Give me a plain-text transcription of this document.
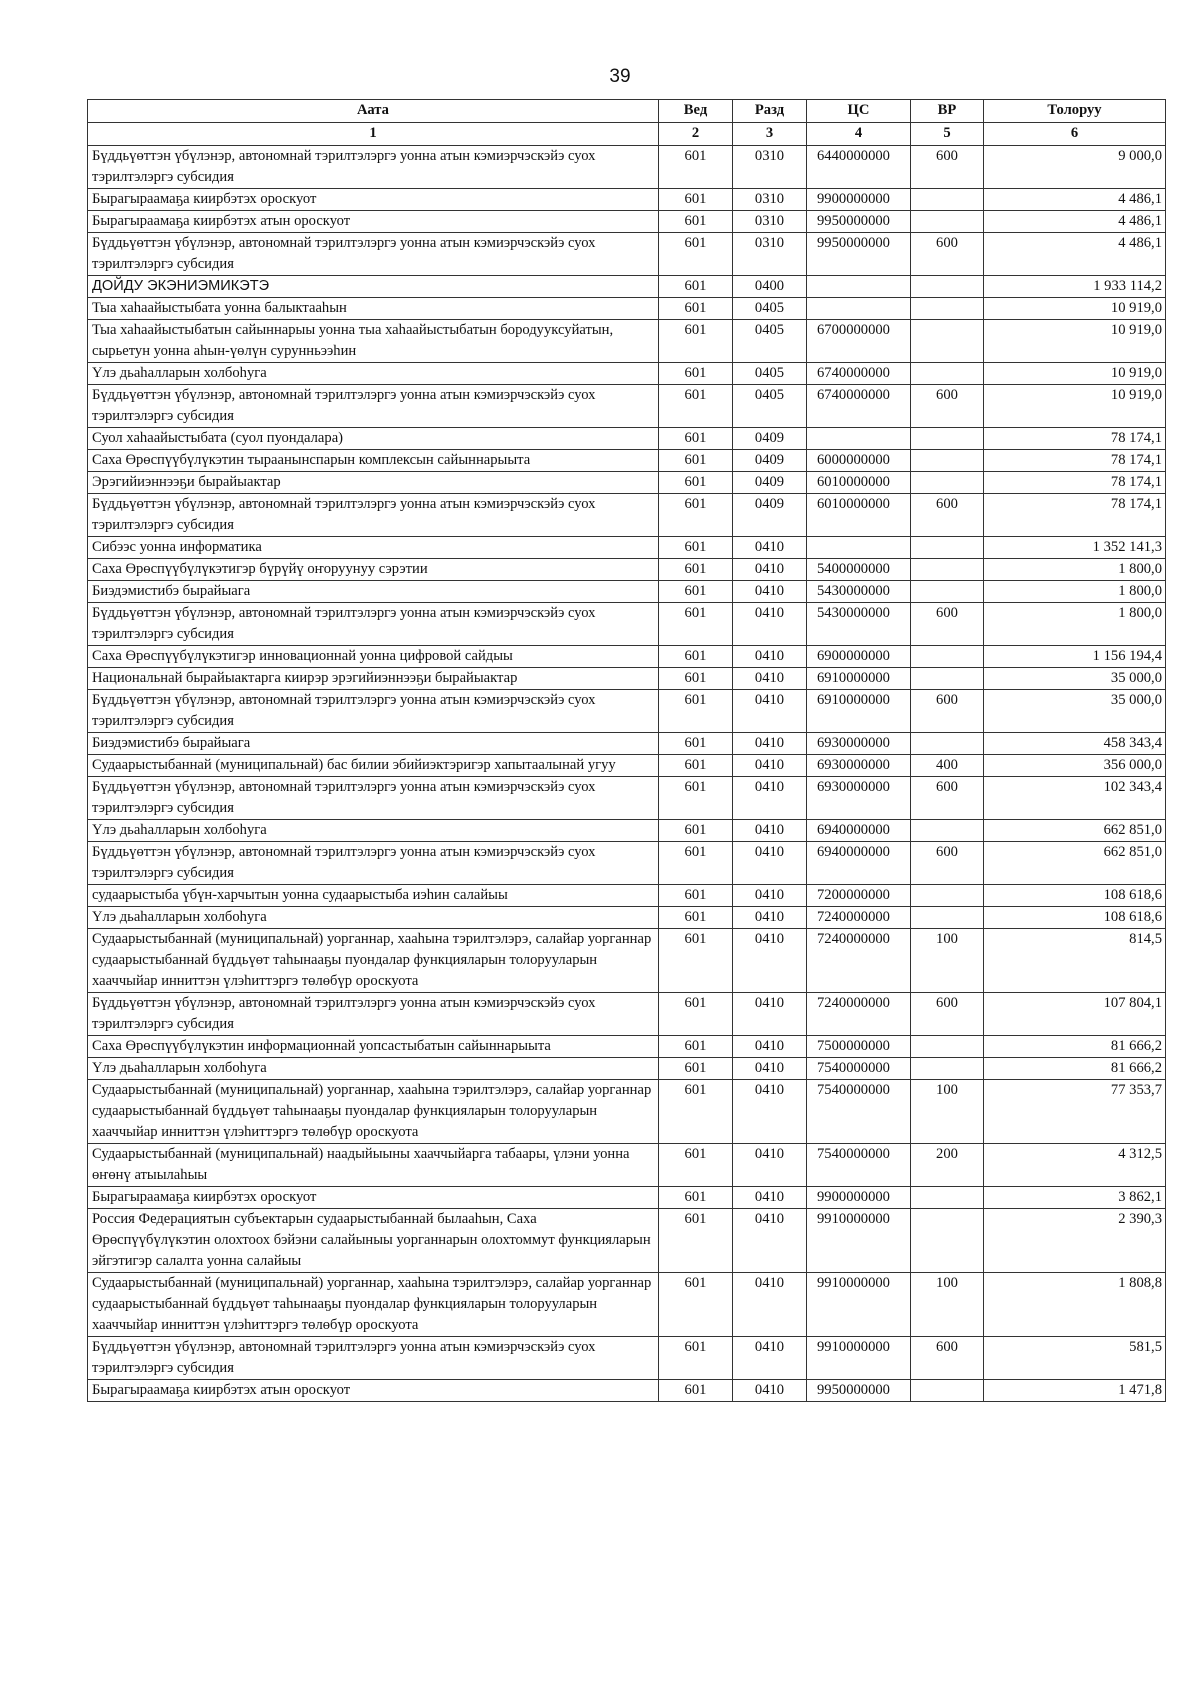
39
Аата	Вед	Разд	ЦС	ВР	Толоруу
1	2	3	4	5	6
Бүддьүөттэн үбүлэнэр, автономнай тэрилтэлэргэ уонна атын кэмиэрчэскэйэ суох тэрилтэлэргэ субсидия	601	0310	6440000000	600	9 000,0
Бырагыраамаҕа киирбэтэх ороскуот	601	0310	9900000000		4 486,1
Бырагыраамаҕа киирбэтэх атын ороскуот	601	0310	9950000000		4 486,1
Бүддьүөттэн үбүлэнэр, автономнай тэрилтэлэргэ уонна атын кэмиэрчэскэйэ суох тэрилтэлэргэ субсидия	601	0310	9950000000	600	4 486,1
ДОЙДУ ЭКЭНИЭМИКЭТЭ	601	0400			1 933 114,2
Тыа хаһаайыстыбата уонна балыктааһын	601	0405			10 919,0
Тыа хаһаайыстыбатын сайыннарыы уонна тыа хаһаайыстыбатын бородууксуйатын, сырьетун уонна аһын-үөлүн сурунньээһин	601	0405	6700000000		10 919,0
Үлэ дьаһалларын холбоһуга	601	0405	6740000000		10 919,0
Бүддьүөттэн үбүлэнэр, автономнай тэрилтэлэргэ уонна атын кэмиэрчэскэйэ суох тэрилтэлэргэ субсидия	601	0405	6740000000	600	10 919,0
Суол хаһаайыстыбата (суол пуондалара)	601	0409			78 174,1
Саха Өрөспүүбүлүкэтин тыраанынспарын комплексын сайыннарыыта	601	0409	6000000000		78 174,1
Эрэгийиэннээҕи бырайыактар	601	0409	6010000000		78 174,1
Бүддьүөттэн үбүлэнэр, автономнай тэрилтэлэргэ уонна атын кэмиэрчэскэйэ суох тэрилтэлэргэ субсидия	601	0409	6010000000	600	78 174,1
Сибээс уонна информатика	601	0410			1 352 141,3
Саха Өрөспүүбүлүкэтигэр бүрүйү оҥоруунуу сэрэтии	601	0410	5400000000		1 800,0
Биэдэмистибэ бырайыага	601	0410	5430000000		1 800,0
Бүддьүөттэн үбүлэнэр, автономнай тэрилтэлэргэ уонна атын кэмиэрчэскэйэ суох тэрилтэлэргэ субсидия	601	0410	5430000000	600	1 800,0
Саха Өрөспүүбүлүкэтигэр инновационнай уонна цифровой сайдыы	601	0410	6900000000		1 156 194,4
Национальнай бырайыактарга киирэр эрэгийиэннээҕи бырайыактар	601	0410	6910000000		35 000,0
Бүддьүөттэн үбүлэнэр, автономнай тэрилтэлэргэ уонна атын кэмиэрчэскэйэ суох тэрилтэлэргэ субсидия	601	0410	6910000000	600	35 000,0
Биэдэмистибэ бырайыага	601	0410	6930000000		458 343,4
Судаарыстыбаннай (муниципальнай) бас билии эбийиэктэригэр хапытаалынай угуу	601	0410	6930000000	400	356 000,0
Бүддьүөттэн үбүлэнэр, автономнай тэрилтэлэргэ уонна атын кэмиэрчэскэйэ суох тэрилтэлэргэ субсидия	601	0410	6930000000	600	102 343,4
Үлэ дьаһалларын холбоһуга	601	0410	6940000000		662 851,0
Бүддьүөттэн үбүлэнэр, автономнай тэрилтэлэргэ уонна атын кэмиэрчэскэйэ суох тэрилтэлэргэ субсидия	601	0410	6940000000	600	662 851,0
судаарыстыба үбүн-харчытын уонна судаарыстыба иэһин салайыы	601	0410	7200000000		108 618,6
Үлэ дьаһалларын холбоһуга	601	0410	7240000000		108 618,6
Судаарыстыбаннай (муниципальнай) уорганнар, хааһына тэрилтэлэрэ, салайар уорганнар судаарыстыбаннай бүддьүөт таһынааҕы пуондалар функцияларын толорууларын хааччыйар инниттэн үлэһиттэргэ төлөбүр ороскуота	601	0410	7240000000	100	814,5
Бүддьүөттэн үбүлэнэр, автономнай тэрилтэлэргэ уонна атын кэмиэрчэскэйэ суох тэрилтэлэргэ субсидия	601	0410	7240000000	600	107 804,1
Саха Өрөспүүбүлүкэтин информационнай уопсастыбатын сайыннарыыта	601	0410	7500000000		81 666,2
Үлэ дьаһалларын холбоһуга	601	0410	7540000000		81 666,2
Судаарыстыбаннай (муниципальнай) уорганнар, хааһына тэрилтэлэрэ, салайар уорганнар судаарыстыбаннай бүддьүөт таһынааҕы пуондалар функцияларын толорууларын хааччыйар инниттэн үлэһиттэргэ төлөбүр ороскуота	601	0410	7540000000	100	77 353,7
Судаарыстыбаннай (муниципальнай) наадыйыыны хааччыйарга табаары, үлэни уонна өҥөнү атыылаһыы	601	0410	7540000000	200	4 312,5
Бырагыраамаҕа киирбэтэх ороскуот	601	0410	9900000000		3 862,1
Россия Федерациятын субъектарын судаарыстыбаннай былааһын, Саха Өрөспүүбүлүкэтин олохтоох бэйэни салайыныы уорганнарын олохтоммут функцияларын эйгэтигэр салалта уонна салайыы	601	0410	9910000000		2 390,3
Судаарыстыбаннай (муниципальнай) уорганнар, хааһына тэрилтэлэрэ, салайар уорганнар судаарыстыбаннай бүддьүөт таһынааҕы пуондалар функцияларын толорууларын хааччыйар инниттэн үлэһиттэргэ төлөбүр ороскуота	601	0410	9910000000	100	1 808,8
Бүддьүөттэн үбүлэнэр, автономнай тэрилтэлэргэ уонна атын кэмиэрчэскэйэ суох тэрилтэлэргэ субсидия	601	0410	9910000000	600	581,5
Бырагыраамаҕа киирбэтэх атын ороскуот	601	0410	9950000000		1 471,8
